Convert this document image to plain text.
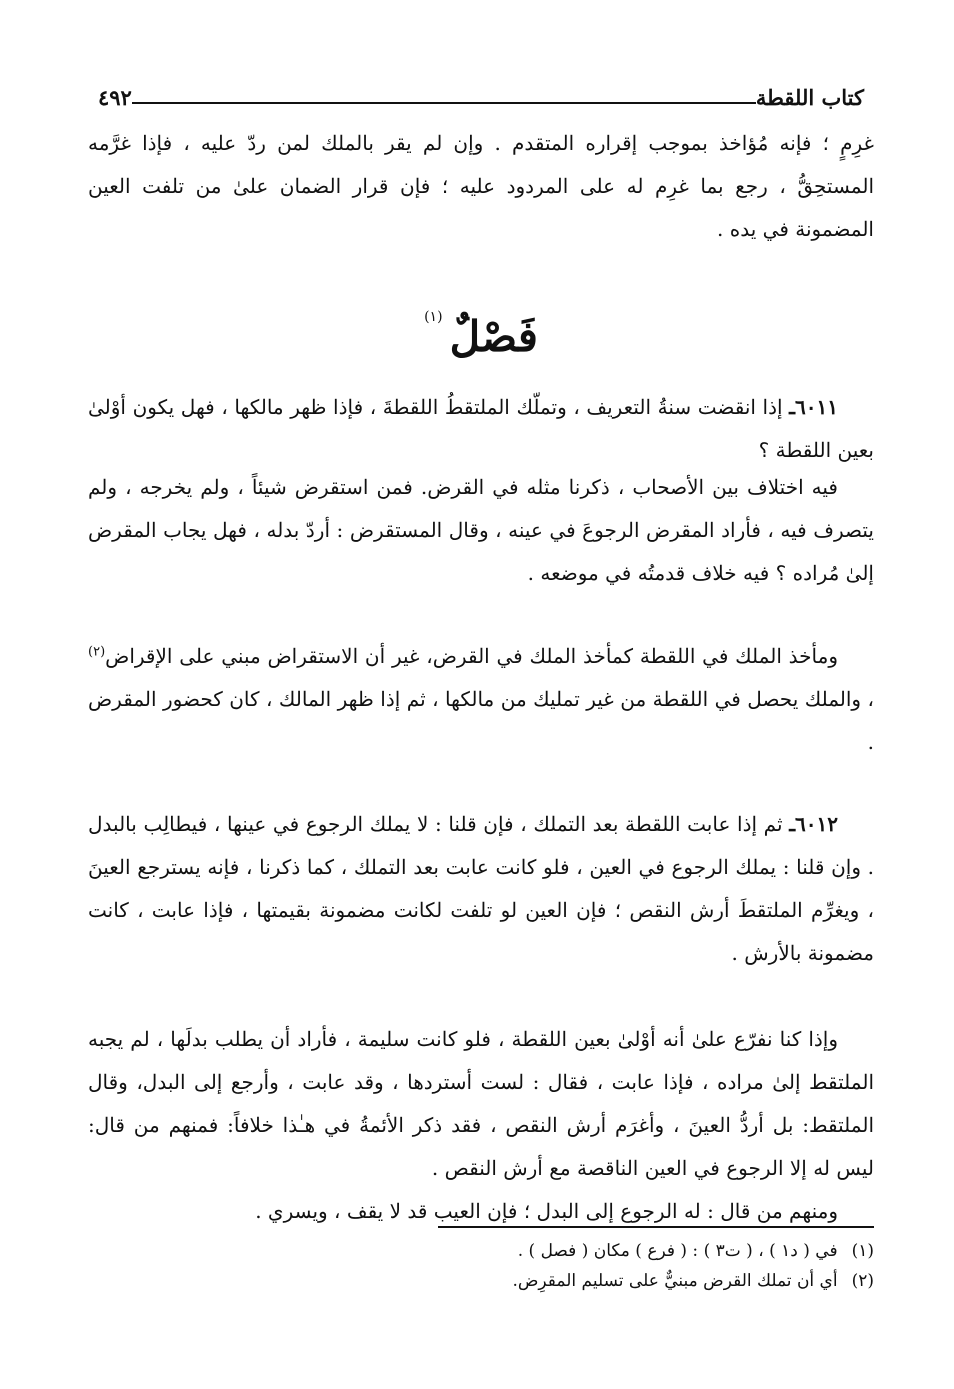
كتاب اللقطة
٤٩٢

غرِمٍ ؛ فإنه مُؤاخذ بموجب إقراره المتقدم . وإن لم يقر بالملك لمن ردّ عليه ، فإذا غرَّمه المستحِقُّ ، رجع بما غرِم له على المردود عليه ؛ فإن قرار الضمان علىٰ من تلفت العين المضمونة في يده .

فَصْلٌ (١)

٦٠١١ـ إذا انقضت سنةُ التعريف ، وتملّك الملتقطُ اللقطةَ ، فإذا ظهر مالكها ، فهل يكون أوْلىٰ بعين اللقطة ؟

فيه اختلاف بين الأصحاب ، ذكرنا مثله في القرض. فمن استقرض شيئاً ، ولم يخرجه ، ولم يتصرف فيه ، فأراد المقرض الرجوعَ في عينه ، وقال المستقرض : أردّ بدله ، فهل يجاب المقرض إلىٰ مُراده ؟ فيه خلاف قدمتُه في موضعه .

ومأخذ الملك في اللقطة كمأخذ الملك في القرض، غير أن الاستقراض مبني على الإقراض$^{(٢)}$ ، والملك يحصل في اللقطة من غير تمليك من مالكها ، ثم إذا ظهر المالك ، كان كحضور المقرض .

٦٠١٢ـ ثم إذا عابت اللقطة بعد التملك ، فإن قلنا : لا يملك الرجوع في عينها ، فيطالِب بالبدل . وإن قلنا : يملك الرجوع في العين ، فلو كانت عابت بعد التملك ، كما ذكرنا ، فإنه يسترجع العينَ ، ويغرِّم الملتقطَ أرش النقص ؛ فإن العين لو تلفت لكانت مضمونة بقيمتها ، فإذا عابت ، كانت مضمونة بالأرش .

وإذا كنا نفرّع علىٰ أنه أوْلىٰ بعين اللقطة ، فلو كانت سليمة ، فأراد أن يطلب بدلَها ، لم يجبه الملتقط إلىٰ مراده ، فإذا عابت ، فقال : لست أستردها ، وقد عابت ، وأرجع إلى البدل، وقال الملتقط: بل أردُّ العينَ ، وأغرَم أرش النقص ، فقد ذكر الأئمةُ في هـٰذا خلافاً: فمنهم من قال: ليس له إلا الرجوع في العين الناقصة مع أرش النقص .

ومنهم من قال : له الرجوع إلى البدل ؛ فإن العيب قد لا يقف ، ويسري .

(١)في ( د١ ) ، ( ت٣ ) : ( فرع ) مكان ( فصل ) .

(٢)أي أن تملك القرض مبنيٌّ على تسليم المقرِض.
